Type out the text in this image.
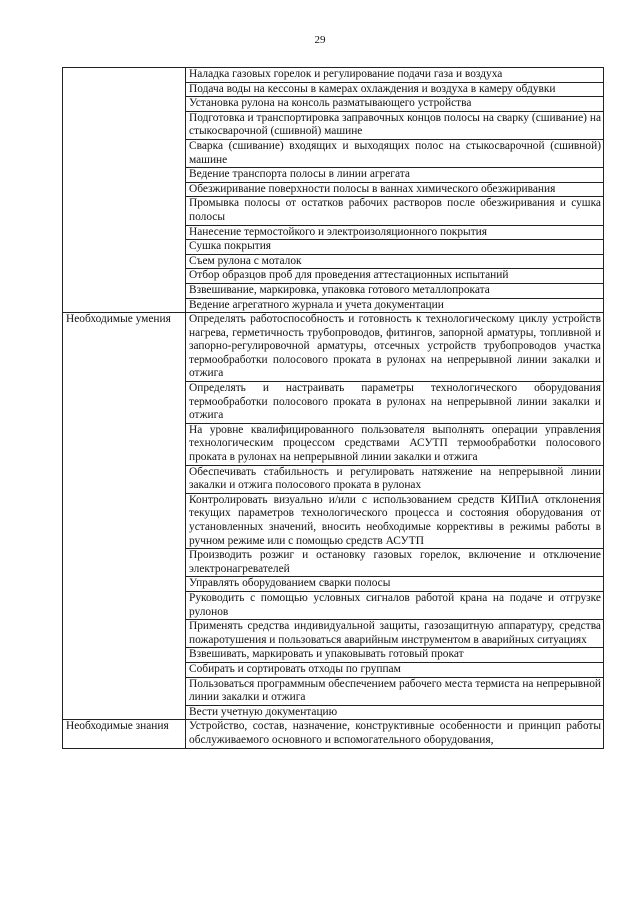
29

	Наладка газовых горелок и регулирование подачи газа и воздуха

	Подача воды на кессоны в камерах охлаждения и воздуха в камеру обдувки

	Установка рулона на консоль разматывающего устройства

	Подготовка и транспортировка заправочных концов полосы на сварку (сшивание) на стыкосварочной (сшивной) машине

	Сварка (сшивание) входящих и выходящих полос на стыкосварочной (сшивной) машине

	Ведение транспорта полосы в линии агрегата

	Обезжиривание поверхности полосы в ваннах химического обезжиривания

	Промывка полосы от остатков рабочих растворов после обезжиривания и сушка полосы

	Нанесение термостойкого и электроизоляционного покрытия

	Сушка покрытия

	Съем рулона с моталок

	Отбор образцов проб для проведения аттестационных испытаний

	Взвешивание, маркировка, упаковка готового металлопроката

	Ведение агрегатного журнала и учета документации

Необходимые умения	Определять работоспособность и готовность к технологическому циклу устройств нагрева, герметичность трубопроводов, фитингов, запорной арматуры, топливной и запорно-регулировочной арматуры, отсечных устройств трубопроводов участка термообработки полосового проката в рулонах на непрерывной линии закалки и отжига

	Определять и настраивать параметры технологического оборудования термообработки полосового проката в рулонах на непрерывной линии закалки и отжига

	На уровне квалифицированного пользователя выполнять операции управления технологическим процессом средствами АСУТП термообработки полосового проката в рулонах на непрерывной линии закалки и отжига

	Обеспечивать стабильность и регулировать натяжение на непрерывной линии закалки и отжига полосового проката в рулонах

	Контролировать визуально и/или с использованием средств КИПиА отклонения текущих параметров технологического процесса и состояния оборудования от установленных значений, вносить необходимые коррективы в режимы работы в ручном режиме или с помощью средств АСУТП

	Производить розжиг и остановку газовых горелок, включение и отключение электронагревателей

	Управлять оборудованием сварки полосы

	Руководить с помощью условных сигналов работой крана на подаче и отгрузке рулонов

	Применять средства индивидуальной защиты, газозащитную аппаратуру, средства пожаротушения и пользоваться аварийным инструментом в аварийных ситуациях

	Взвешивать, маркировать и упаковывать готовый прокат

	Собирать и сортировать отходы по группам

	Пользоваться программным обеспечением рабочего места термиста на непрерывной линии закалки и отжига

	Вести учетную документацию

Необходимые знания	Устройство, состав, назначение, конструктивные особенности и принцип работы обслуживаемого основного и вспомогательного оборудования,
